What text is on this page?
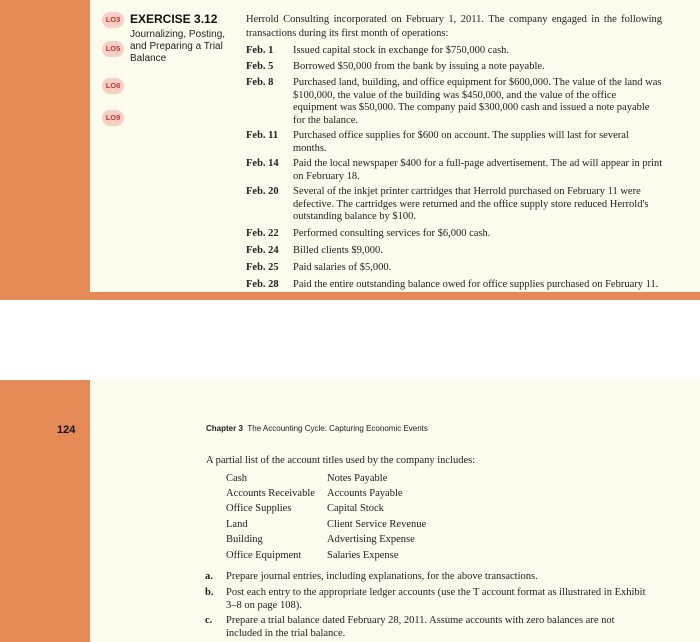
LO3
LO5
LO8
LO9
EXERCISE 3.12
Journalizing, Posting, and Preparing a Trial Balance
Herrold Consulting incorporated on February 1, 2011. The company engaged in the following transactions during its first month of operations:
Feb. 1 Issued capital stock in exchange for $750,000 cash.
Feb. 5 Borrowed $50,000 from the bank by issuing a note payable.
Feb. 8 Purchased land, building, and office equipment for $600,000. The value of the land was $100,000, the value of the building was $450,000, and the value of the office equipment was $50,000. The company paid $300,000 cash and issued a note payable for the balance.
Feb. 11 Purchased office supplies for $600 on account. The supplies will last for several months.
Feb. 14 Paid the local newspaper $400 for a full-page advertisement. The ad will appear in print on February 18.
Feb. 20 Several of the inkjet printer cartridges that Herrold purchased on February 11 were defective. The cartridges were returned and the office supply store reduced Herrold's outstanding balance by $100.
Feb. 22 Performed consulting services for $6,000 cash.
Feb. 24 Billed clients $9,000.
Feb. 25 Paid salaries of $5,000.
Feb. 28 Paid the entire outstanding balance owed for office supplies purchased on February 11.
124	Chapter 3 The Accounting Cycle: Capturing Economic Events
A partial list of the account titles used by the company includes:
Cash
Accounts Receivable
Office Supplies
Land
Building
Office Equipment
Notes Payable
Accounts Payable
Capital Stock
Client Service Revenue
Advertising Expense
Salaries Expense
a. Prepare journal entries, including explanations, for the above transactions.
b. Post each entry to the appropriate ledger accounts (use the T account format as illustrated in Exhibit 3–8 on page 108).
c. Prepare a trial balance dated February 28, 2011. Assume accounts with zero balances are not included in the trial balance.
